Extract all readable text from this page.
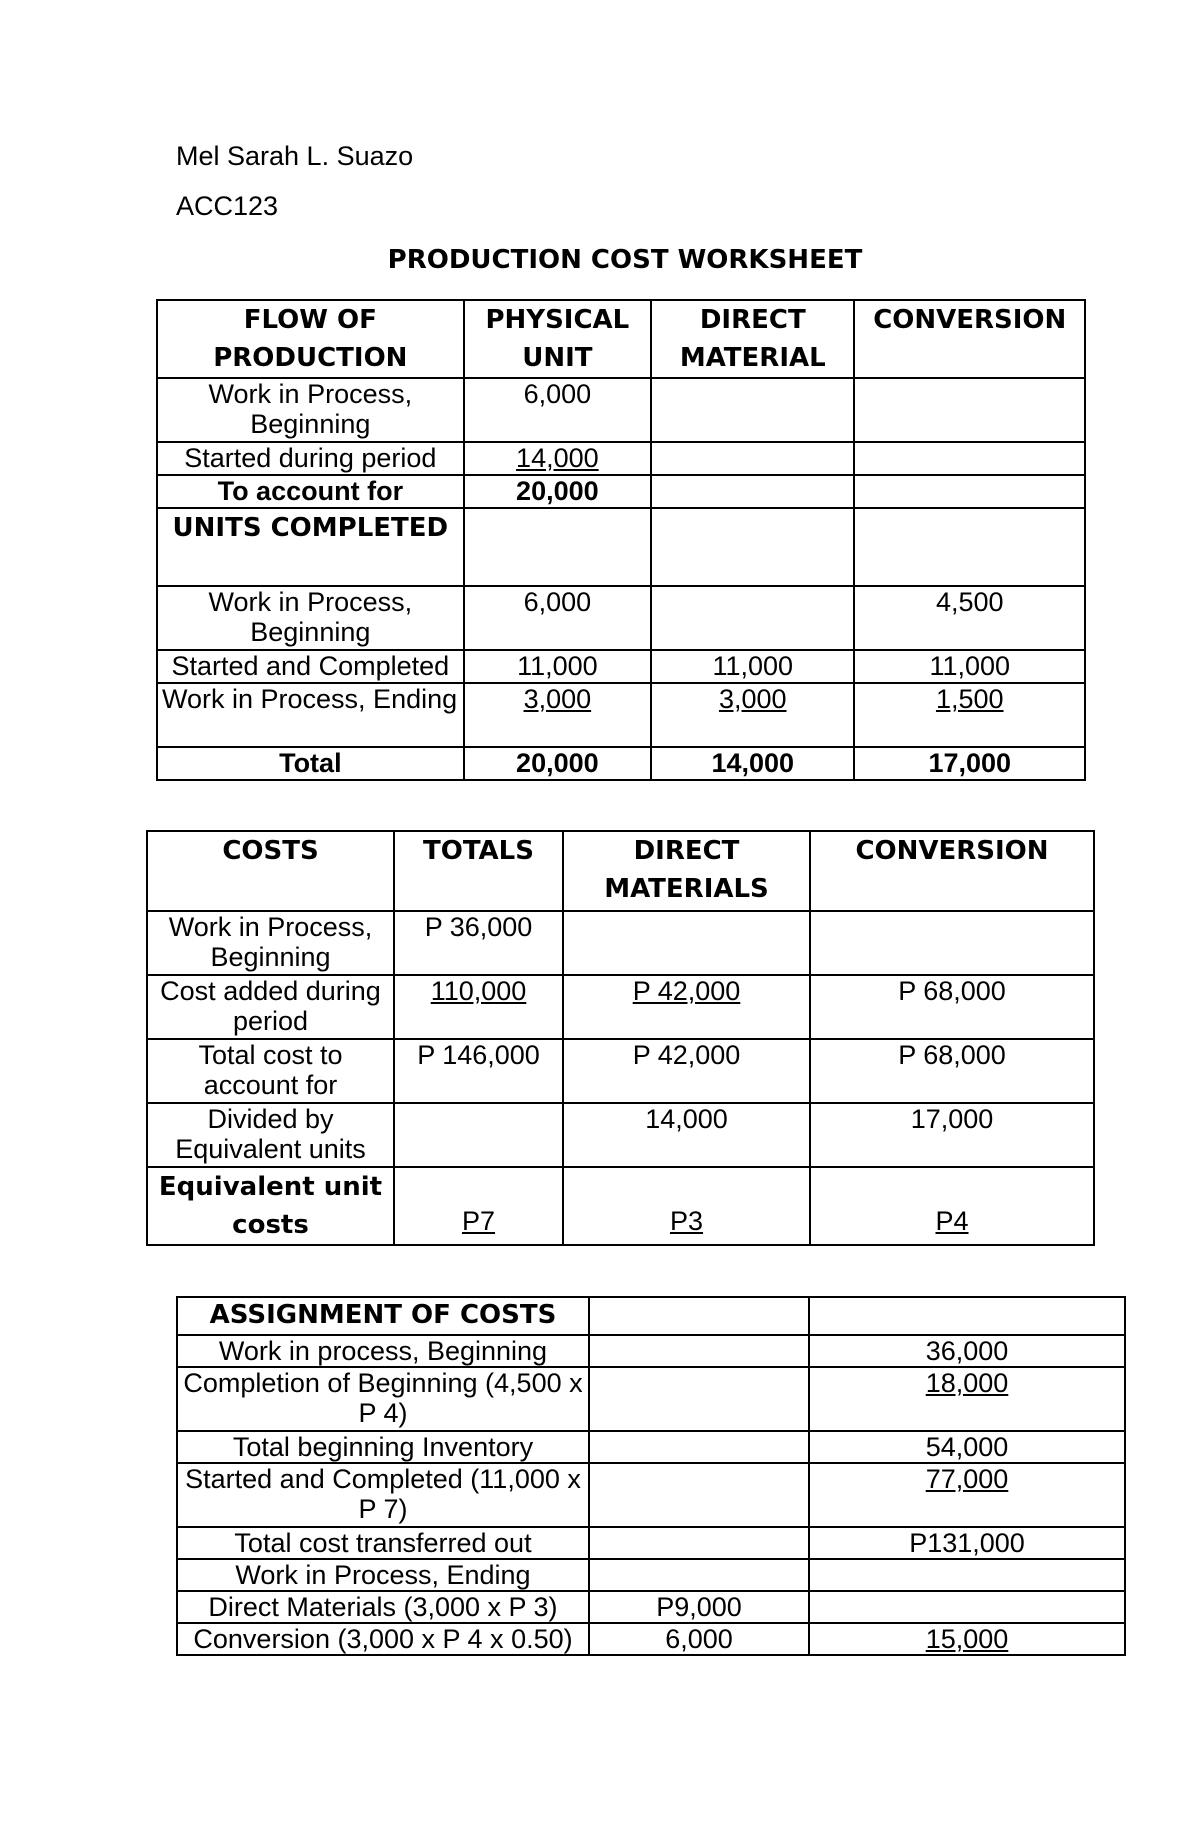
Mel Sarah L. Suazo
ACC123
PRODUCTION COST WORKSHEET
FLOW OF PRODUCTION	PHYSICAL UNIT	DIRECT MATERIAL	CONVERSION
Work in Process, Beginning	6,000		
Started during period	14,000		
To account for	20,000		
UNITS COMPLETED			
Work in Process, Beginning	6,000		4,500
Started and Completed	11,000	11,000	11,000
Work in Process, Ending	3,000	3,000	1,500
Total	20,000	14,000	17,000
COSTS	TOTALS	DIRECT MATERIALS	CONVERSION
Work in Process, Beginning	P 36,000		
Cost added during period	110,000	P 42,000	P 68,000
Total cost to account for	P 146,000	P 42,000	P 68,000
Divided by Equivalent units		14,000	17,000
Equivalent unit costs	P7	P3	P4
ASSIGNMENT OF COSTS		
Work in process, Beginning		36,000
Completion of Beginning (4,500 x P 4)		18,000
Total beginning Inventory		54,000
Started and Completed (11,000 x P 7)		77,000
Total cost transferred out		P131,000
Work in Process, Ending		
Direct Materials (3,000 x P 3)	P9,000	
Conversion (3,000 x P 4 x 0.50)	6,000	15,000
